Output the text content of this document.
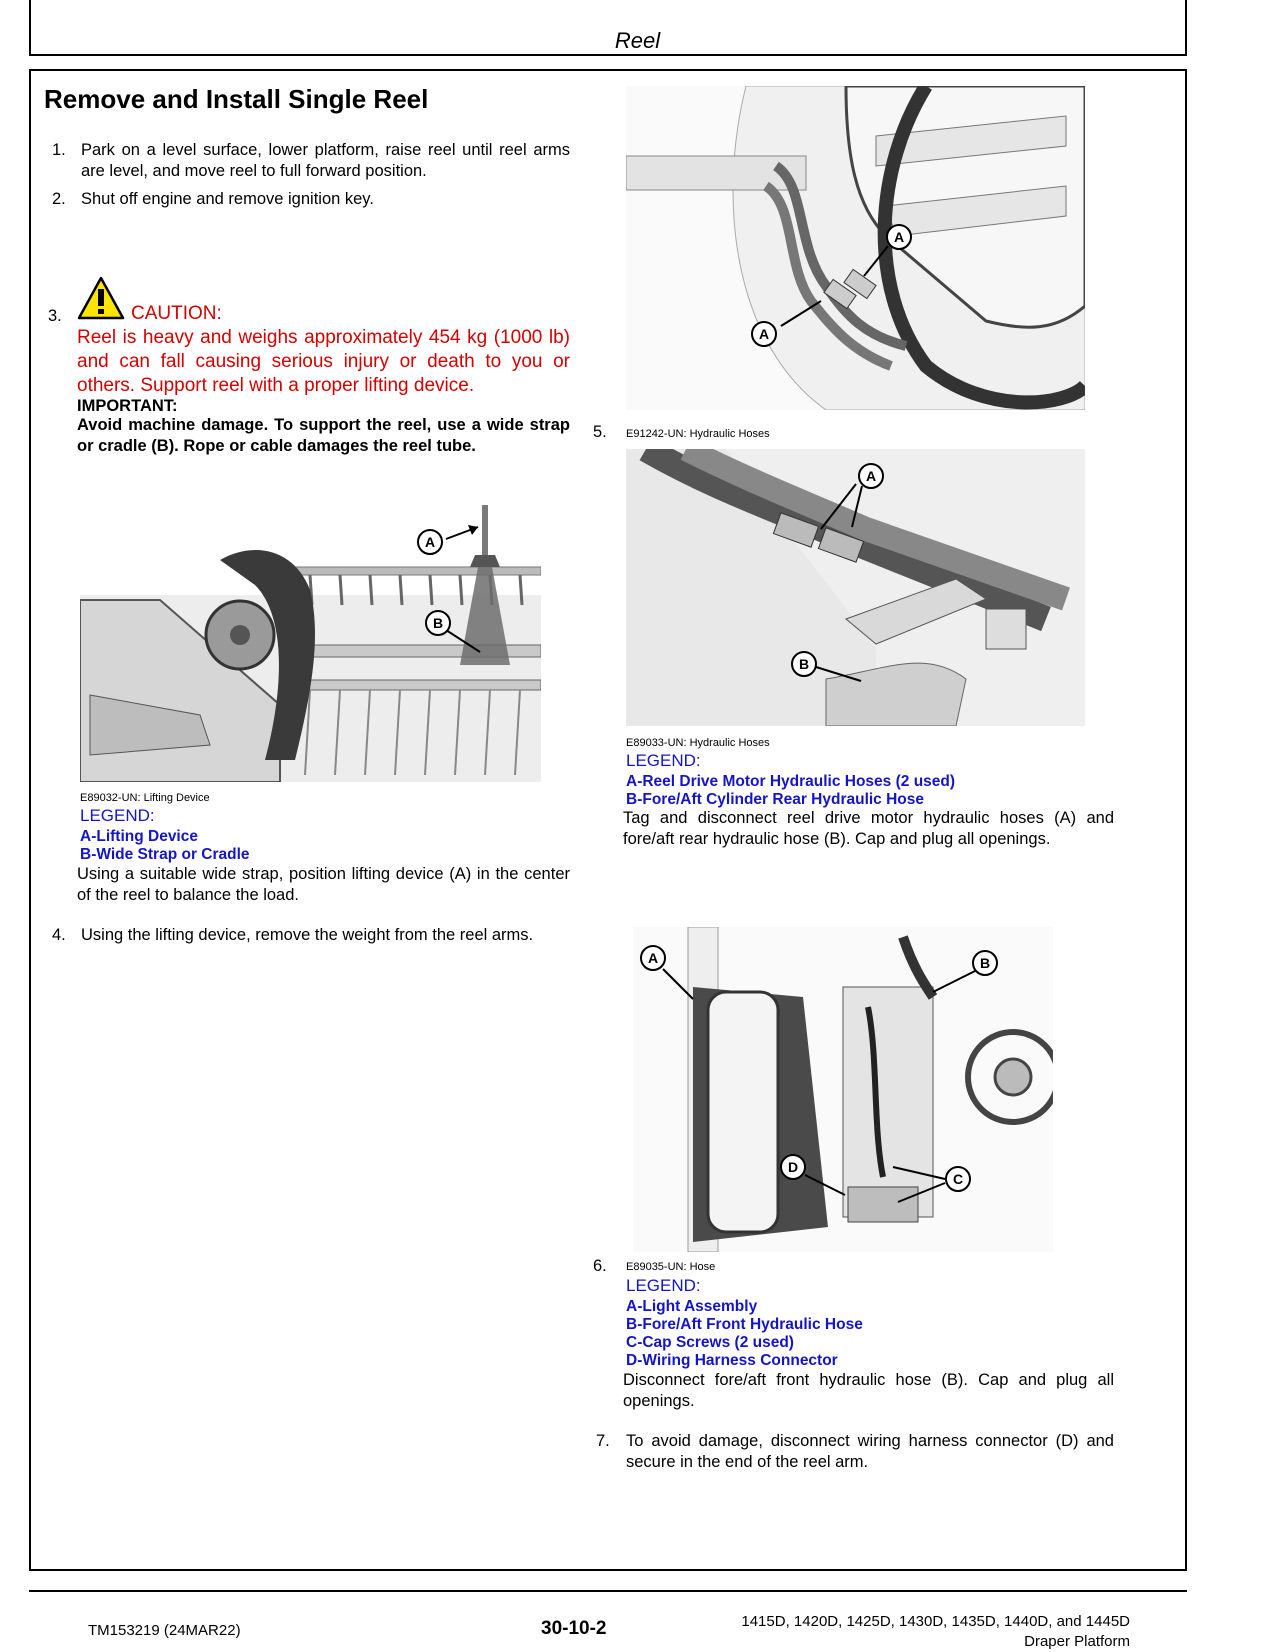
Reel
Remove and Install Single Reel
1. Park on a level surface, lower platform, raise reel until reel arms are level, and move reel to full forward position.
2. Shut off engine and remove ignition key.
3.	CAUTION:
Reel is heavy and weighs approximately 454 kg (1000 lb) and can fall causing serious injury or death to you or others. Support reel with a proper lifting device.
IMPORTANT:
Avoid machine damage. To support the reel, use a wide strap or cradle (B). Rope or cable damages the reel tube.
A
B
E89032-UN: Lifting Device
LEGEND:
A-Lifting Device
B-Wide Strap or Cradle
Using a suitable wide strap, position lifting device (A) in the center of the reel to balance the load.
4. Using the lifting device, remove the weight from the reel arms.
A
A
5. E91242-UN: Hydraulic Hoses
A
B
E89033-UN: Hydraulic Hoses
LEGEND:
A-Reel Drive Motor Hydraulic Hoses (2 used)
B-Fore/Aft Cylinder Rear Hydraulic Hose
Tag and disconnect reel drive motor hydraulic hoses (A) and fore/aft rear hydraulic hose (B). Cap and plug all openings.
A	B
C
D
6. E89035-UN: Hose
LEGEND:
A-Light Assembly
B-Fore/Aft Front Hydraulic Hose
C-Cap Screws (2 used)
D-Wiring Harness Connector
Disconnect fore/aft front hydraulic hose (B). Cap and plug all openings.
7. To avoid damage, disconnect wiring harness connector (D) and secure in the end of the reel arm.
TM153219 (24MAR22)	30-10-2	1415D, 1420D, 1425D, 1430D, 1435D, 1440D, and 1445D
Draper Platform
